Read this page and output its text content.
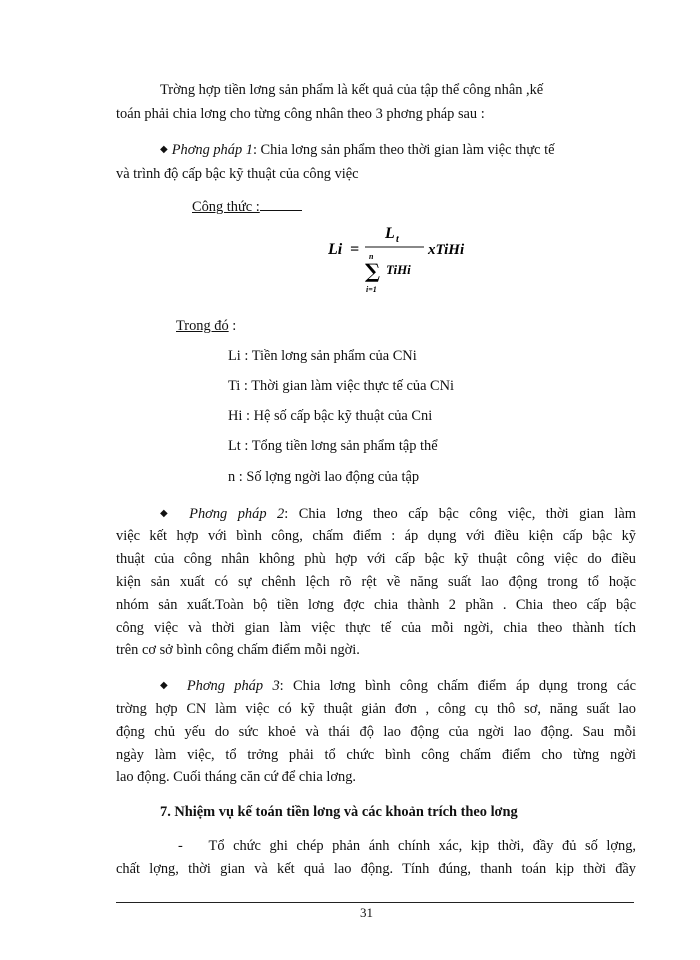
Trờng hợp tiền lơng sản phẩm là kết quả của tập thể công nhân ,kế
toán phải chia lơng cho từng công nhân theo 3 phơng pháp sau :
◆ Phơng pháp 1: Chia lơng sản phẩm theo thời gian làm việc thực tế
và trình độ cấp bậc kỹ thuật của công việc
Công thức :
Li =
L t
n
∑
i=1
TiHi
xTiHi
Trong đó :
Li : Tiền lơng sản phẩm của CNi
Ti : Thời gian làm việc thực tế của CNi
Hi : Hệ số cấp bậc kỹ thuật của Cni
Lt : Tổng tiền lơng sản phẩm tập thể
n : Số lợng ngời lao động của tập
◆ Phơng pháp 2: Chia lơng theo cấp bậc công việc, thời gian làm
việc kết hợp với bình công, chấm điểm : áp dụng với điều kiện cấp bậc kỹ
thuật của công nhân không phù hợp với cấp bậc kỹ thuật công việc do điều
kiện sản xuất có sự chênh lệch rõ rệt về năng suất lao động trong tổ hoặc
nhóm sản xuất.Toàn bộ tiền lơng đợc chia thành 2 phần . Chia theo cấp bậc
công việc và thời gian làm việc thực tế của mỗi ngời, chia theo thành tích
trên cơ sở bình công chấm điểm mỗi ngời.
◆ Phơng pháp 3: Chia lơng bình công chấm điểm áp dụng trong các
trờng hợp CN làm việc có kỹ thuật giản đơn , công cụ thô sơ, năng suất lao
động chủ yếu do sức khoẻ và thái độ lao động của ngời lao động. Sau mỗi
ngày làm việc, tổ trởng phải tổ chức bình công chấm điểm cho từng ngời
lao động. Cuối tháng căn cứ để chia lơng.
7. Nhiệm vụ kế toán tiền lơng và các khoản trích theo lơng
- Tổ chức ghi chép phản ánh chính xác, kịp thời, đầy đủ số lợng,
chất lợng, thời gian và kết quả lao động. Tính đúng, thanh toán kịp thời đầy
31
